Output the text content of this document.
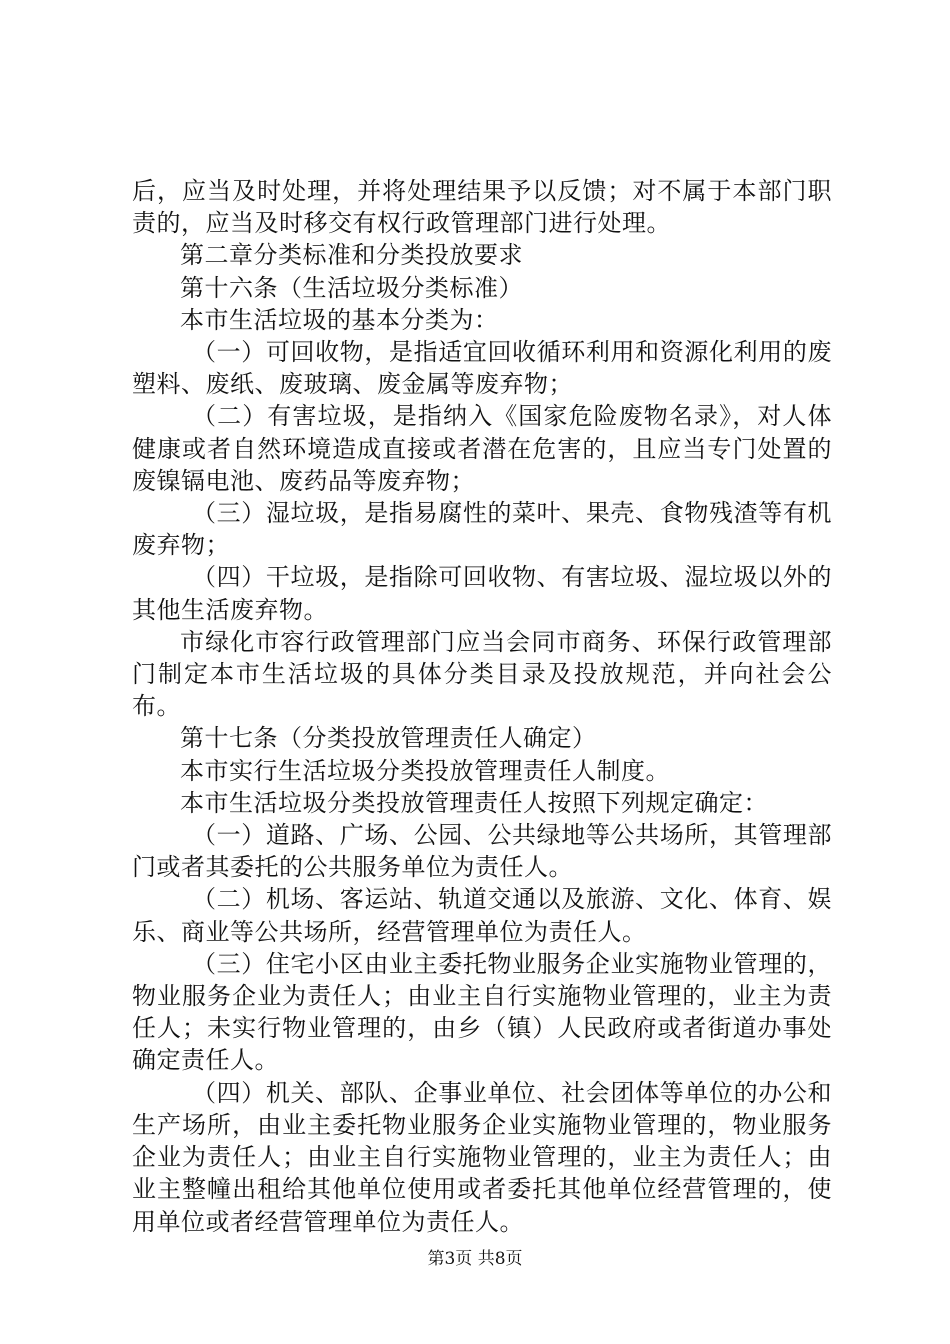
后，应当及时处理，并将处理结果予以反馈；对不属于本部门职责的，应当及时移交有权行政管理部门进行处理。

第二章分类标准和分类投放要求

第十六条（生活垃圾分类标准）

本市生活垃圾的基本分类为：

（一）可回收物，是指适宜回收循环利用和资源化利用的废塑料、废纸、废玻璃、废金属等废弃物；

（二）有害垃圾，是指纳入《国家危险废物名录》，对人体健康或者自然环境造成直接或者潜在危害的，且应当专门处置的废镍镉电池、废药品等废弃物；

（三）湿垃圾，是指易腐性的菜叶、果壳、食物残渣等有机废弃物；

（四）干垃圾，是指除可回收物、有害垃圾、湿垃圾以外的其他生活废弃物。

市绿化市容行政管理部门应当会同市商务、环保行政管理部门制定本市生活垃圾的具体分类目录及投放规范，并向社会公布。

第十七条（分类投放管理责任人确定）

本市实行生活垃圾分类投放管理责任人制度。

本市生活垃圾分类投放管理责任人按照下列规定确定：

（一）道路、广场、公园、公共绿地等公共场所，其管理部门或者其委托的公共服务单位为责任人。

（二）机场、客运站、轨道交通以及旅游、文化、体育、娱乐、商业等公共场所，经营管理单位为责任人。

（三）住宅小区由业主委托物业服务企业实施物业管理的，物业服务企业为责任人；由业主自行实施物业管理的，业主为责任人；未实行物业管理的，由乡（镇）人民政府或者街道办事处确定责任人。

（四）机关、部队、企事业单位、社会团体等单位的办公和生产场所，由业主委托物业服务企业实施物业管理的，物业服务企业为责任人；由业主自行实施物业管理的，业主为责任人；由业主整幢出租给其他单位使用或者委托其他单位经营管理的，使用单位或者经营管理单位为责任人。

第3页 共8页
